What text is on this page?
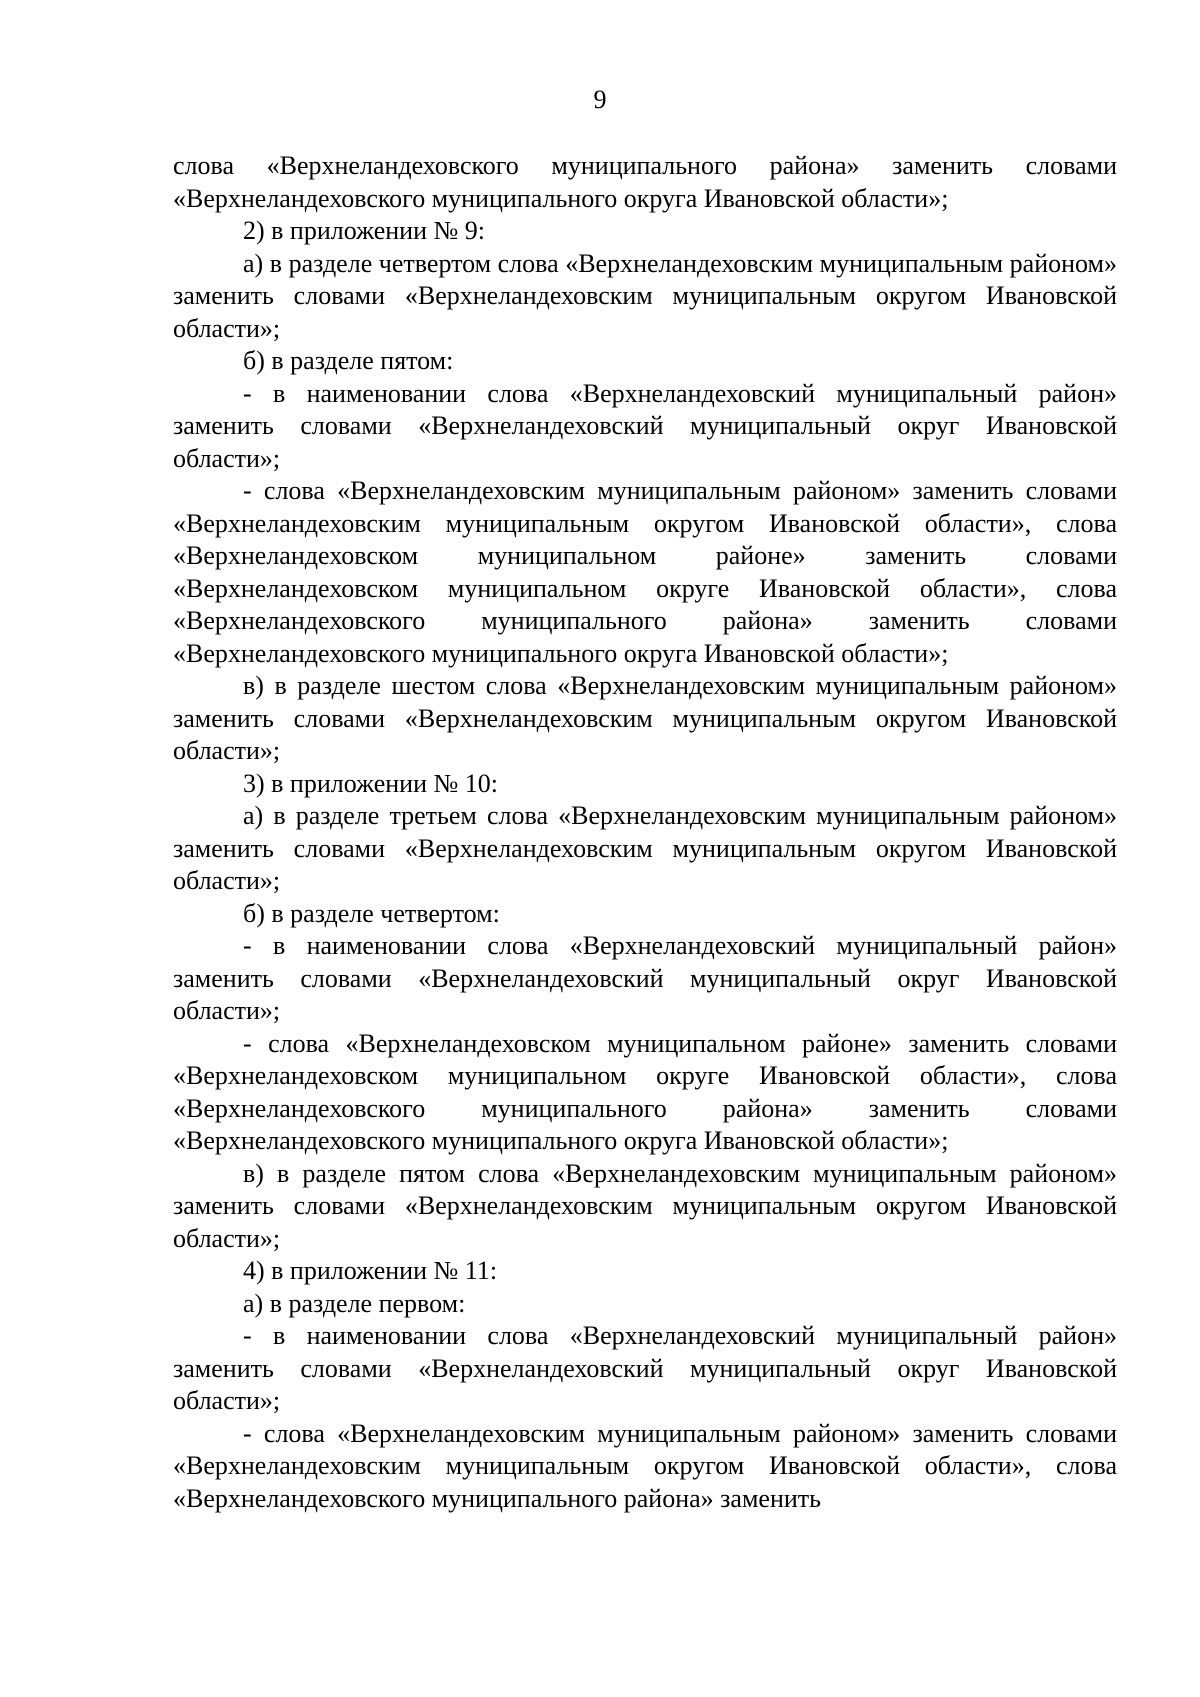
9

слова «Верхнеландеховского муниципального района» заменить словами «Верхнеландеховского муниципального округа Ивановской области»;

2) в приложении № 9:

а) в разделе четвертом слова «Верхнеландеховским муниципальным районом» заменить словами «Верхнеландеховским муниципальным округом Ивановской области»;

б) в разделе пятом:

- в наименовании слова «Верхнеландеховский муниципальный район» заменить словами «Верхнеландеховский муниципальный округ Ивановской области»;

- слова «Верхнеландеховским муниципальным районом» заменить словами «Верхнеландеховским муниципальным округом Ивановской области», слова «Верхнеландеховском муниципальном районе» заменить словами «Верхнеландеховском муниципальном округе Ивановской области», слова «Верхнеландеховского муниципального района» заменить словами «Верхнеландеховского муниципального округа Ивановской области»;

в) в разделе шестом слова «Верхнеландеховским муниципальным районом» заменить словами «Верхнеландеховским муниципальным округом Ивановской области»;

3) в приложении № 10:

а) в разделе третьем слова «Верхнеландеховским муниципальным районом» заменить словами «Верхнеландеховским муниципальным округом Ивановской области»;

б) в разделе четвертом:

- в наименовании слова «Верхнеландеховский муниципальный район» заменить словами «Верхнеландеховский муниципальный округ Ивановской области»;

- слова «Верхнеландеховском муниципальном районе» заменить словами «Верхнеландеховском муниципальном округе Ивановской области», слова «Верхнеландеховского муниципального района» заменить словами «Верхнеландеховского муниципального округа Ивановской области»;

в) в разделе пятом слова «Верхнеландеховским муниципальным районом» заменить словами «Верхнеландеховским муниципальным округом Ивановской области»;

4) в приложении № 11:

а) в разделе первом:

- в наименовании слова «Верхнеландеховский муниципальный район» заменить словами «Верхнеландеховский муниципальный округ Ивановской области»;

- слова «Верхнеландеховским муниципальным районом» заменить словами «Верхнеландеховским муниципальным округом Ивановской области», слова «Верхнеландеховского муниципального района» заменить
